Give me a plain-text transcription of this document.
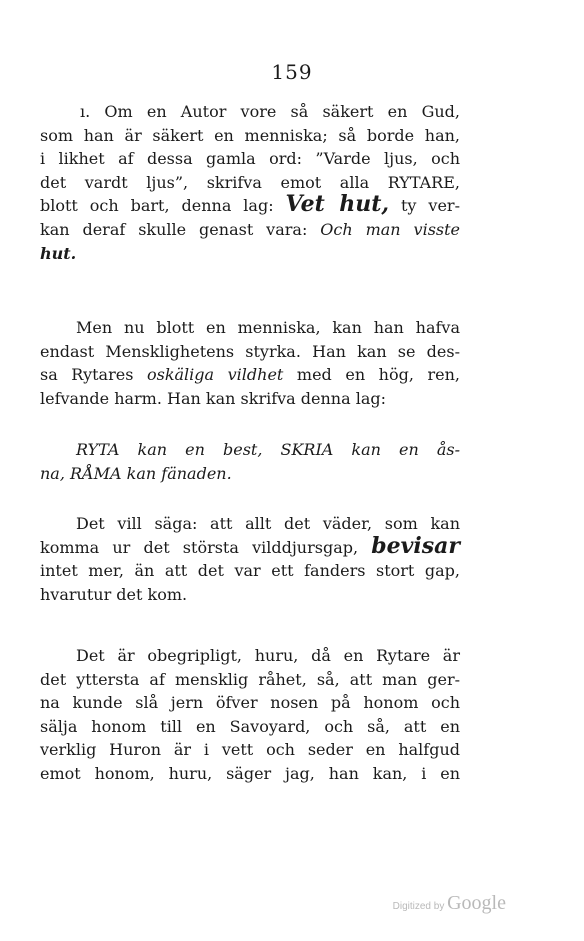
159
ı. Om en Autor vore så säkert en Gud,
som han är säkert en menniska; så borde han,
i likhet af dessa gamla ord: ”Varde ljus, och
det vardt ljus”, skrifva emot alla RYTARE,
blott och bart, denna lag: Vet hut, ty ver-
kan deraf skulle genast vara: Och man visste
hut.
Men nu blott en menniska, kan han hafva
endast Mensklighetens styrka. Han kan se des-
sa Rytares oskäliga vildhet med en hög, ren,
lefvande harm. Han kan skrifva denna lag:
RYTA kan en best, SKRIA kan en ås-
na, RÅMA kan fänaden.
Det vill säga: att allt det väder, som kan
komma ur det största vilddjursgap, bevisar
intet mer, än att det var ett fanders stort gap,
hvarutur det kom.
Det är obegripligt, huru, då en Rytare är
det yttersta af mensklig råhet, så, att man ger-
na kunde slå jern öfver nosen på honom och
sälja honom till en Savoyard, och så, att en
verklig Huron är i vett och seder en halfgud
emot honom, huru, säger jag, han kan, i en
Digitized by Google
